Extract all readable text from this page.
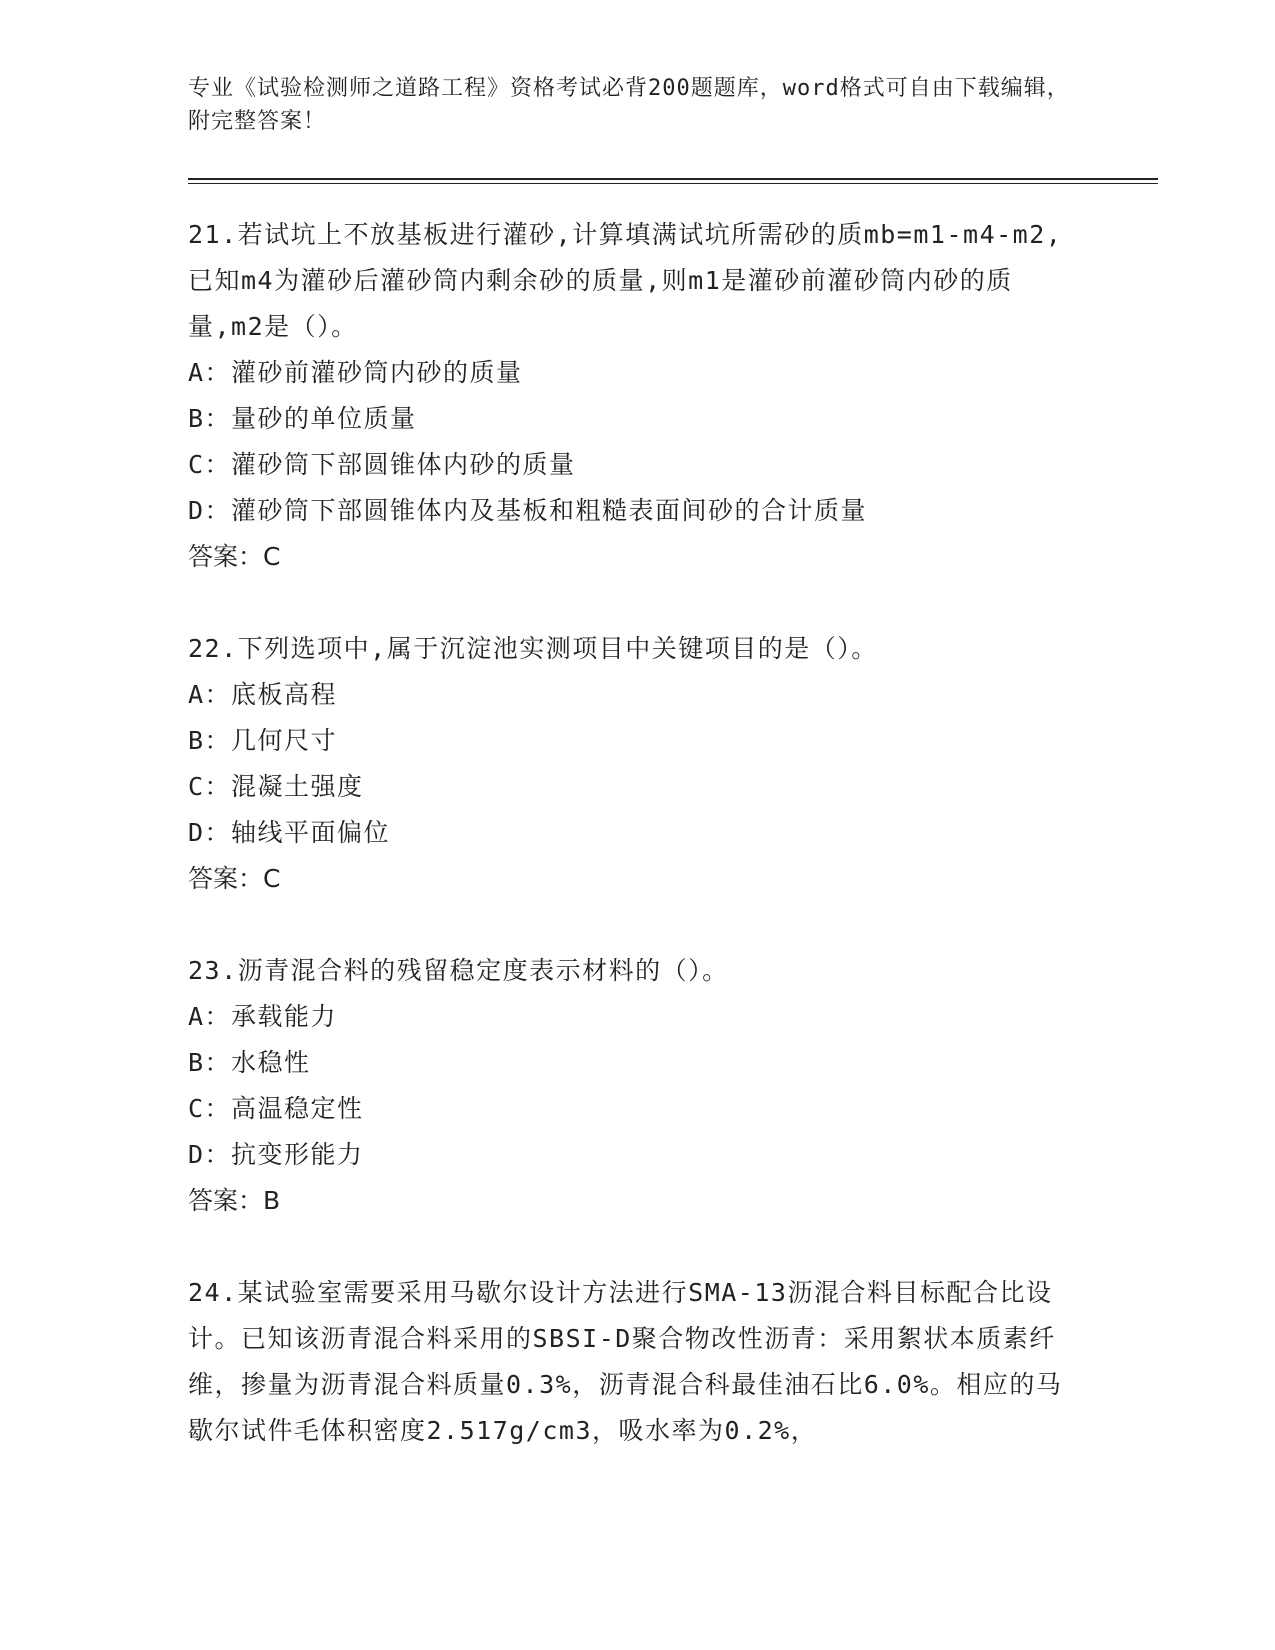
专业《试验检测师之道路工程》资格考试必背200题题库，word格式可自由下载编辑，附完整答案！
21.若试坑上不放基板进行灌砂,计算填满试坑所需砂的质mb=m1-m4-m2,已知m4为灌砂后灌砂筒内剩余砂的质量,则m1是灌砂前灌砂筒内砂的质量,m2是（）。
A：灌砂前灌砂筒内砂的质量
B：量砂的单位质量
C：灌砂筒下部圆锥体内砂的质量
D：灌砂筒下部圆锥体内及基板和粗糙表面间砂的合计质量
答案：C
22.下列选项中,属于沉淀池实测项目中关键项目的是（）。
A：底板高程
B：几何尺寸
C：混凝土强度
D：轴线平面偏位
答案：C
23.沥青混合料的残留稳定度表示材料的（）。
A：承载能力
B：水稳性
C：高温稳定性
D：抗变形能力
答案：B
24.某试验室需要采用马歇尔设计方法进行SMA-13沥混合料目标配合比设计。已知该沥青混合料采用的SBSI-D聚合物改性沥青：采用絮状本质素纤维，掺量为沥青混合料质量0.3%，沥青混合科最佳油石比6.0%。相应的马歇尔试件毛体积密度2.517g/cm3，吸水率为0.2%，
